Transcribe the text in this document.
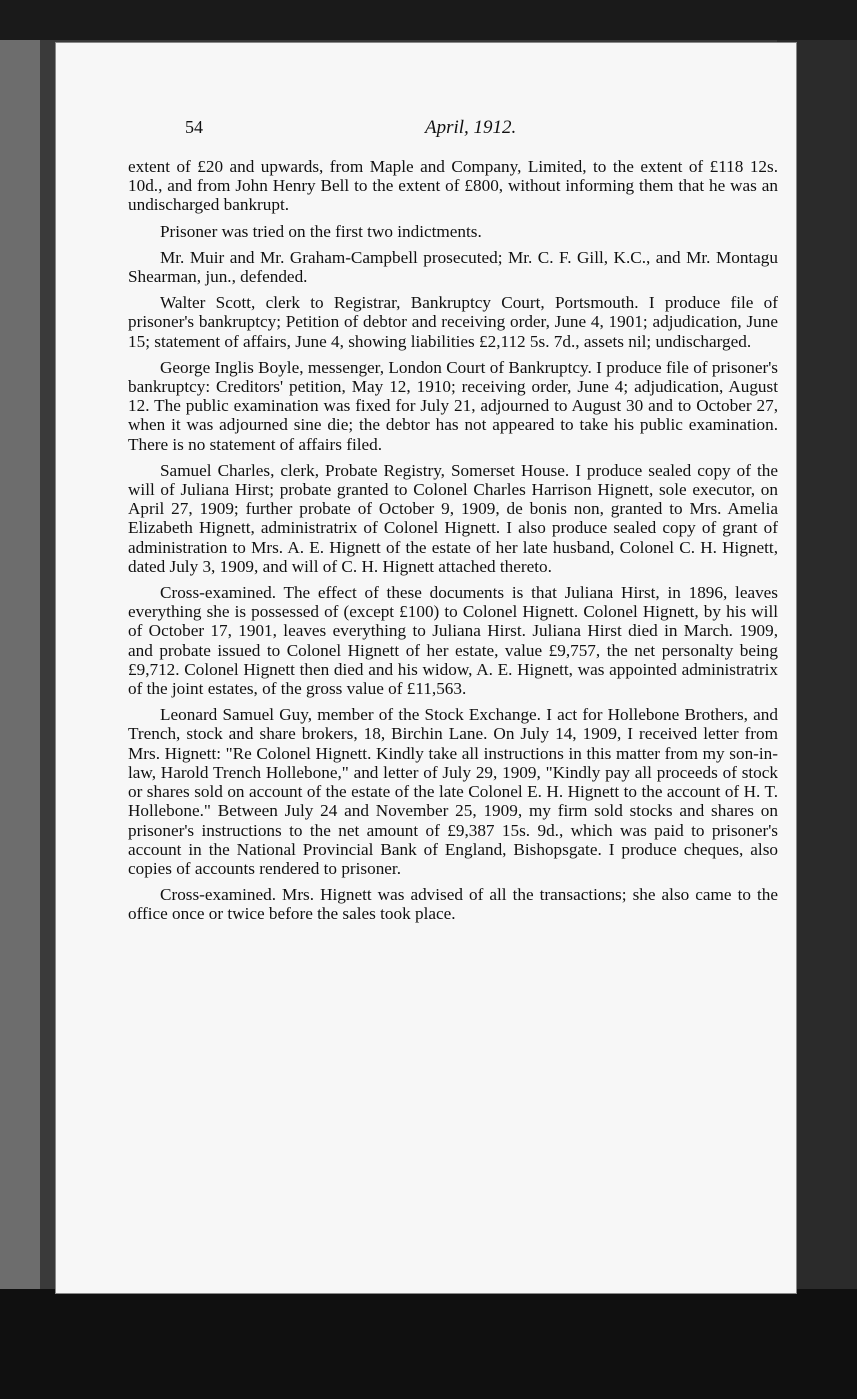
54	April, 1912.

extent of £20 and upwards, from Maple and Company, Limited, to the extent of £118 12s. 10d., and from John Henry Bell to the extent of £800, without informing them that he was an undischarged bankrupt.

Prisoner was tried on the first two indictments.

Mr. Muir and Mr. Graham-Campbell prosecuted; Mr. C. F. Gill, K.C., and Mr. Montagu Shearman, jun., defended.

Walter Scott, clerk to Registrar, Bankruptcy Court, Portsmouth. I produce file of prisoner's bankruptcy; Petition of debtor and receiving order, June 4, 1901; adjudication, June 15; statement of affairs, June 4, showing liabilities £2,112 5s. 7d., assets nil; undischarged.

George Inglis Boyle, messenger, London Court of Bankruptcy. I produce file of prisoner's bankruptcy: Creditors' petition, May 12, 1910; receiving order, June 4; adjudication, August 12. The public examination was fixed for July 21, adjourned to August 30 and to October 27, when it was adjourned sine die; the debtor has not appeared to take his public examination. There is no statement of affairs filed.

Samuel Charles, clerk, Probate Registry, Somerset House. I produce sealed copy of the will of Juliana Hirst; probate granted to Colonel Charles Harrison Hignett, sole executor, on April 27, 1909; further probate of October 9, 1909, de bonis non, granted to Mrs. Amelia Elizabeth Hignett, administratrix of Colonel Hignett. I also produce sealed copy of grant of administration to Mrs. A. E. Hignett of the estate of her late husband, Colonel C. H. Hignett, dated July 3, 1909, and will of C. H. Hignett attached thereto.

Cross-examined. The effect of these documents is that Juliana Hirst, in 1896, leaves everything she is possessed of (except £100) to Colonel Hignett. Colonel Hignett, by his will of October 17, 1901, leaves everything to Juliana Hirst. Juliana Hirst died in March. 1909, and probate issued to Colonel Hignett of her estate, value £9,757, the net personalty being £9,712. Colonel Hignett then died and his widow, A. E. Hignett, was appointed administratrix of the joint estates, of the gross value of £11,563.

Leonard Samuel Guy, member of the Stock Exchange. I act for Hollebone Brothers, and Trench, stock and share brokers, 18, Birchin Lane. On July 14, 1909, I received letter from Mrs. Hignett: "Re Colonel Hignett. Kindly take all instructions in this matter from my son-in-law, Harold Trench Hollebone," and letter of July 29, 1909, "Kindly pay all proceeds of stock or shares sold on account of the estate of the late Colonel E. H. Hignett to the account of H. T. Hollebone." Between July 24 and November 25, 1909, my firm sold stocks and shares on prisoner's instructions to the net amount of £9,387 15s. 9d., which was paid to prisoner's account in the National Provincial Bank of England, Bishopsgate. I produce cheques, also copies of accounts rendered to prisoner.

Cross-examined. Mrs. Hignett was advised of all the transactions; she also came to the office once or twice before the sales took place.
